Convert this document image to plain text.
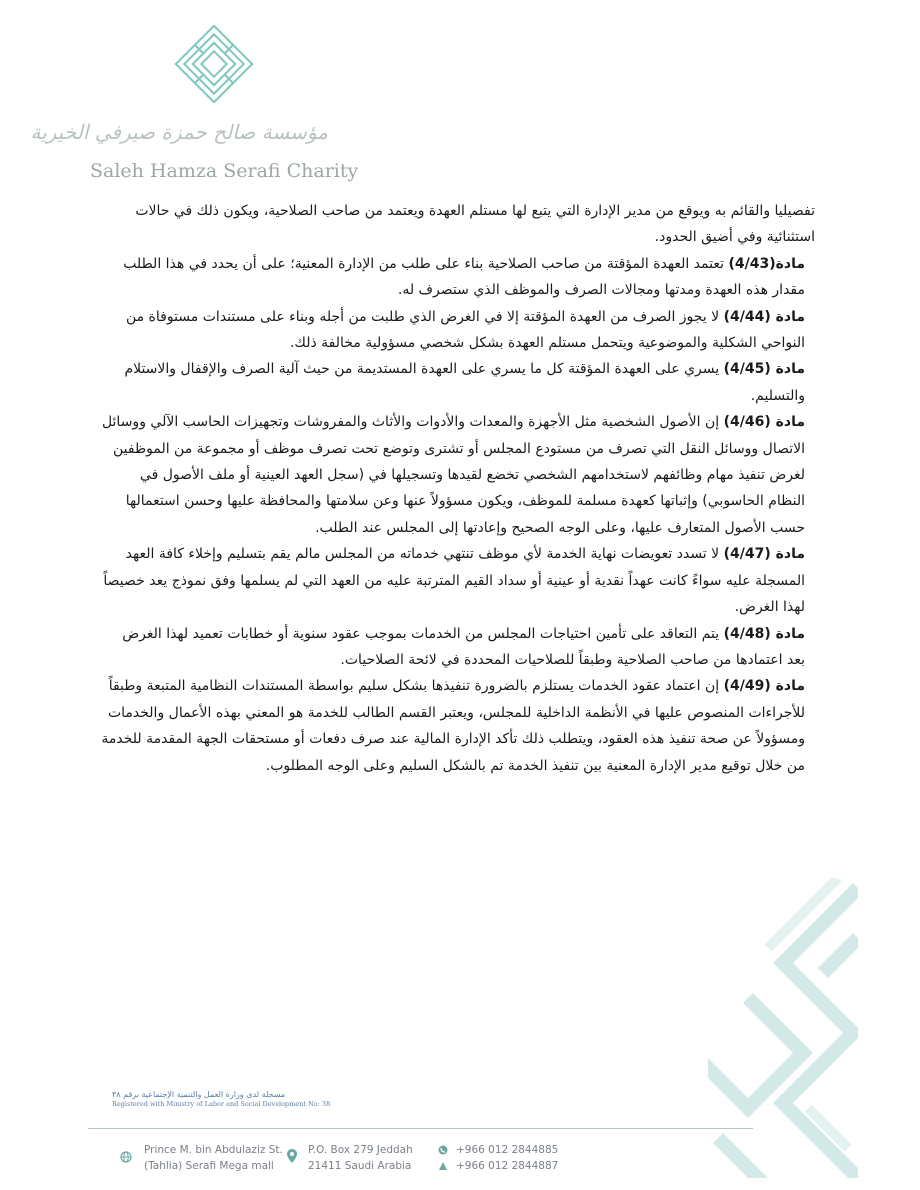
مؤسسة صالح حمزة صيرفي الخيرية
Saleh Hamza Serafi Charity

تفصيليا والقائم به ويوقع من مدير الإدارة التي يتبع لها مستلم العهدة ويعتمد من صاحب الصلاحية، ويكون ذلك في حالات استثنائية وفي أضيق الحدود.

مادة(4/43) تعتمد العهدة المؤقتة من صاحب الصلاحية بناء على طلب من الإدارة المعنية؛ على أن يحدد في هذا الطلب مقدار هذه العهدة ومدتها ومجالات الصرف والموظف الذي ستصرف له.

مادة (4/44) لا يجوز الصرف من العهدة المؤقتة إلا في الغرض الذي طلبت من أجله وبناء على مستندات مستوفاة من النواحي الشكلية والموضوعية ويتحمل مستلم العهدة بشكل شخصي مسؤولية مخالفة ذلك.

مادة (4/45) يسري على العهدة المؤقتة كل ما يسري على العهدة المستديمة من حيث آلية الصرف والإقفال والاستلام والتسليم.

مادة (4/46) إن الأصول الشخصية مثل الأجهزة والمعدات والأدوات والأثاث والمفروشات وتجهيزات الحاسب الآلي ووسائل الاتصال ووسائل النقل التي تصرف من مستودع المجلس أو تشترى وتوضع تحت تصرف موظف أو مجموعة من الموظفين لغرض تنفيذ مهام وظائفهم لاستخدامهم الشخصي تخضع لقيدها وتسجيلها في (سجل العهد العينية أو ملف الأصول في النظام الحاسوبي) وإثباتها كعهدة مسلمة للموظف، ويكون مسؤولاً عنها وعن سلامتها والمحافظة عليها وحسن استعمالها حسب الأصول المتعارف عليها، وعلى الوجه الصحيح وإعادتها إلى المجلس عند الطلب.

مادة (4/47) لا تسدد تعويضات نهاية الخدمة لأي موظف تنتهي خدماته من المجلس مالم يقم بتسليم وإخلاء كافة العهد المسجلة عليه سواءً كانت عهداً نقدية أو عينية أو سداد القيم المترتبة عليه من العهد التي لم يسلمها وفق نموذج يعد خصيصاً لهذا الغرض.

مادة (4/48) يتم التعاقد على تأمين احتياجات المجلس من الخدمات بموجب عقود سنوية أو خطابات تعميد لهذا الغرض بعد اعتمادها من صاحب الصلاحية وطبقاً للصلاحيات المحددة في لائحة الصلاحيات.

مادة (4/49) إن اعتماد عقود الخدمات يستلزم بالضرورة تنفيذها بشكل سليم بواسطة المستندات النظامية المتبعة وطبقاً للأجراءات المنصوص عليها في الأنظمة الداخلية للمجلس، ويعتبر القسم الطالب للخدمة هو المعني بهذه الأعمال والخدمات ومسؤولاً عن صحة تنفيذ هذه العقود، ويتطلب ذلك تأكد الإدارة المالية عند صرف دفعات أو مستحقات الجهة المقدمة للخدمة من خلال توقيع مدير الإدارة المعنية بين تنفيذ الخدمة تم بالشكل السليم وعلى الوجه المطلوب.

مسجلة لدى وزارة العمل والتنمية الإجتماعية برقم ٣٨
Registered with Ministry of Labor and Social Development No: 38
Prince M. bin Abdulaziz St.
(Tahlia) Serafi Mega mall
P.O. Box 279 Jeddah
21411 Saudi Arabia
+966 012 2844885
+966 012 2844887
